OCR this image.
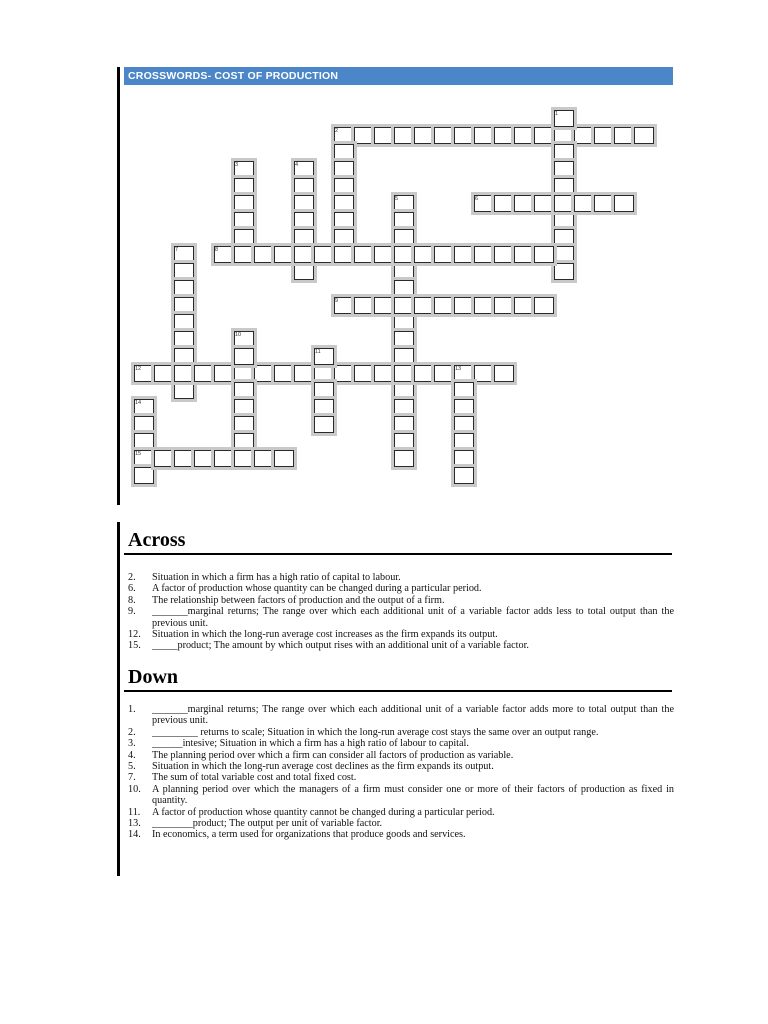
CROSSWORDS- COST OF PRODUCTION
1
2
3	4
5	6
7	8
9
10
11
12	13
14
15
Across
2.	Situation in which a firm has a high ratio of capital to labour.
6.	A factor of production whose quantity can be changed during a particular period.
8.	The relationship between factors of production and the output of a firm.
9.	_______marginal returns; The range over which each additional unit of a variable factor adds less to total output than the previous unit.
12.	Situation in which the long-run average cost increases as the firm expands its output.
15.	_____product; The amount by which output rises with an additional unit of a variable factor.
Down
1.	_______marginal returns; The range over which each additional unit of a variable factor adds more to total output than the previous unit.
2.	_________ returns to scale; Situation in which the long-run average cost stays the same over an output range.
3.	______intesive; Situation in which a firm has a high ratio of labour to capital.
4.	The planning period over which a firm can consider all factors of production as variable.
5.	Situation in which the long-run average cost declines as the firm expands its output.
7.	The sum of total variable cost and total fixed cost.
10.	A planning period over which the managers of a firm must consider one or more of their factors of production as fixed in quantity.
11.	A factor of production whose quantity cannot be changed during a particular period.
13.	________product; The output per unit of variable factor.
14.	In economics, a term used for organizations that produce goods and services.
